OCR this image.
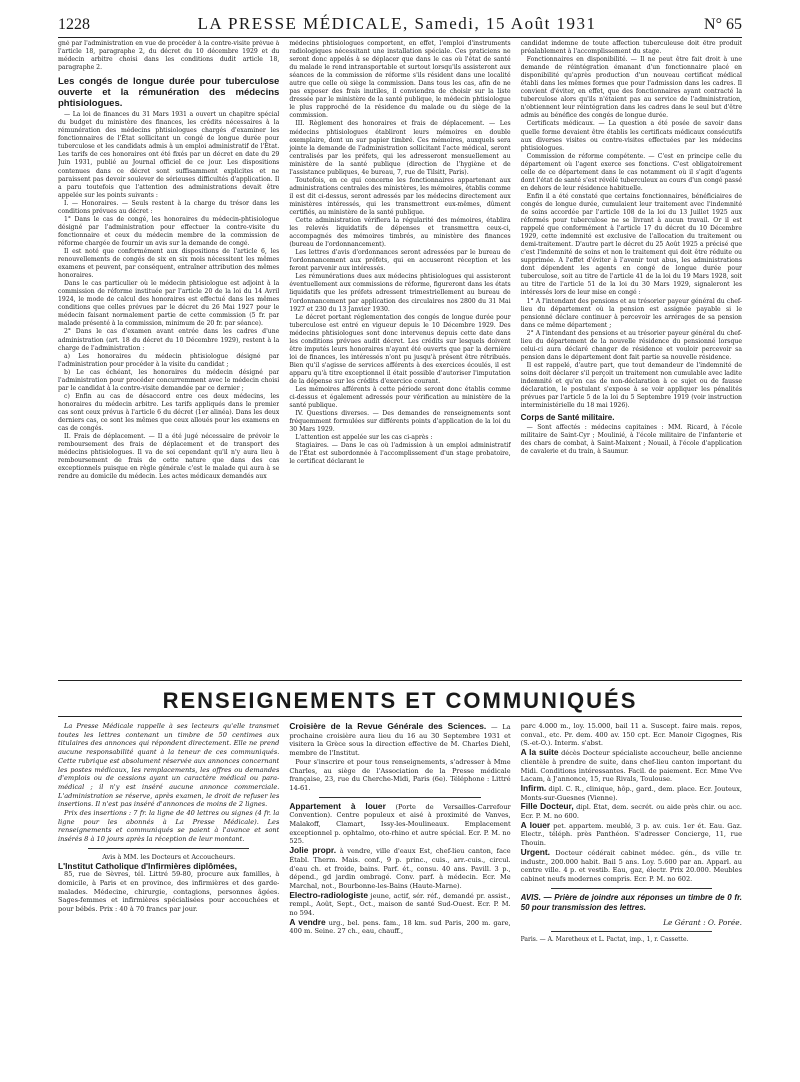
1228	LA PRESSE MÉDICALE, Samedi, 15 Août 1931	N° 65

gné par l'administration en vue de procéder à la contre-visite prévue à l'article 18, paragraphe 2, du décret du 10 décembre 1929 et du médecin arbitre choisi dans les conditions dudit article 18, paragraphe 2.

Les congés de longue durée pour tuberculose ouverte et la rémunération des médecins phtisiologues.

— La loi de finances du 31 Mars 1931 a ouvert un chapitre spécial du budget du ministère des finances, les crédits nécessaires à la rémunération des médecins phtisiologues chargés d'examiner les fonctionnaires de l'État sollicitant un congé de longue durée pour tuberculose et les candidats admis à un emploi administratif de l'État. Les tarifs de ces honoraires ont été fixés par un décret en date du 29 Juin 1931, publié au Journal officiel de ce jour. Les dispositions contenues dans ce décret sont suffisamment explicites et ne paraissent pas devoir soulever de sérieuses difficultés d'application. Il a paru toutefois que l'attention des administrations devait être appelée sur les points suivants :

I. — Honoraires. — Seuls restent à la charge du trésor dans les conditions prévues au décret :

1° Dans le cas de congé, les honoraires du médecin-phtisiologue désigné par l'administration pour effectuer la contre-visite du fonctionnaire et ceux du médecin membre de la commission de réforme chargée de fournir un avis sur la demande de congé.

Il est noté que conformément aux dispositions de l'article 6, les renouvellements de congés de six en six mois nécessitent les mêmes examens et peuvent, par conséquent, entraîner attribution des mêmes honoraires.

Dans le cas particulier où le médecin phtisiologue est adjoint à la commission de réforme instituée par l'article 20 de la loi du 14 Avril 1924, le mode de calcul des honoraires est effectué dans les mêmes conditions que celles prévues par le décret du 26 Mai 1927 pour le médecin faisant normalement partie de cette commission (5 fr. par malade présenté à la commission, minimum de 20 fr. par séance).

2° Dans le cas d'examen avant entrée dans les cadres d'une administration (art. 18 du décret du 10 Décembre 1929), restent à la charge de l'administration :

a) Les honoraires du médecin phtisiologue désigné par l'administration pour procéder à la visite du candidat ;

b) Le cas échéant, les honoraires du médecin désigné par l'administration pour procéder concurremment avec le médecin choisi par le candidat à la contre-visite demandée par ce dernier ;

c) Enfin au cas de désaccord entre ces deux médecins, les honoraires du médecin arbitre. Les tarifs appliqués dans le premier cas sont ceux prévus à l'article 6 du décret (1er alinéa). Dans les deux derniers cas, ce sont les mêmes que ceux alloués pour les examens en cas de congés.

II. Frais de déplacement. — Il a été jugé nécessaire de prévoir le remboursement des frais de déplacement et de transport des médecins phtisiologues. Il va de soi cependant qu'il n'y aura lieu à remboursement de frais de cette nature que dans des cas exceptionnels puisque en règle générale c'est le malade qui aura à se rendre au domicile du médecin. Les actes médicaux demandés aux

médecins phtisiologues comportent, en effet, l'emploi d'instruments radiologiques nécessitant une installation spéciale. Ces praticiens ne seront donc appelés à se déplacer que dans le cas où l'état de santé du malade le rend intransportable et surtout lorsqu'ils assisteront aux séances de la commission de réforme s'ils résident dans une localité autre que celle où siège la commission. Dans tous les cas, afin de ne pas exposer des frais inutiles, il conviendra de choisir sur la liste dressée par le ministère de la santé publique, le médecin phtisiologue le plus rapproché de la résidence du malade ou du siège de la commission.

III. Règlement des honoraires et frais de déplacement. — Les médecins phtisiologues établiront leurs mémoires en double exemplaire, dont un sur papier timbré. Ces mémoires, auxquels sera jointe la demande de l'administration sollicitant l'acte médical, seront centralisés par les préfets, qui les adresseront mensuellement au ministère de la santé publique (direction de l'hygiène et de l'assistance publiques, 4e bureau, 7, rue de Tilsitt, Paris).

Toutefois, en ce qui concerne les fonctionnaires appartenant aux administrations centrales des ministères, les mémoires, établis comme il est dit ci-dessus, seront adressés par les médecins directement aux ministères intéressés, qui les transmettront eux-mêmes, dûment certifiés, au ministère de la santé publique.

Cette administration vérifiera la régularité des mémoires, établira les relevés liquidatifs de dépenses et transmettra ceux-ci, accompagnés des mémoires timbrés, au ministère des finances (bureau de l'ordonnancement).

Les lettres d'avis d'ordonnances seront adressées par le bureau de l'ordonnancement aux préfets, qui en accuseront réception et les feront parvenir aux intéressés.

Les rémunérations dues aux médecins phtisiologues qui assisteront éventuellement aux commissions de réforme, figureront dans les états liquidatifs que les préfets adressent trimestriellement au bureau de l'ordonnancement par application des circulaires nos 2800 du 31 Mai 1927 et 230 du 13 Janvier 1930.

Le décret portant réglementation des congés de longue durée pour tuberculose est entré en vigueur depuis le 10 Décembre 1929. Des médecins phtisiologues sont donc intervenus depuis cette date dans les conditions prévues audit décret. Les crédits sur lesquels doivent être imputés leurs honoraires n'ayant été ouverts que par la dernière loi de finances, les intéressés n'ont pu jusqu'à présent être rétribués. Bien qu'il s'agisse de services afférents à des exercices écoulés, il est apparu qu'à titre exceptionnel il était possible d'autoriser l'imputation de la dépense sur les crédits d'exercice courant.

Les mémoires afférents à cette période seront donc établis comme ci-dessus et également adressés pour vérification au ministère de la santé publique.

IV. Questions diverses. — Des demandes de renseignements sont fréquemment formulées sur différents points d'application de la loi du 30 Mars 1929.

L'attention est appelée sur les cas ci-après :

Stagiaires. — Dans le cas où l'admission à un emploi administratif de l'État est subordonnée à l'accomplissement d'un stage probatoire, le certificat déclarant le

candidat indemne de toute affection tuberculeuse doit être produit préalablement à l'accomplissement du stage.

Fonctionnaires en disponibilité. — Il ne peut être fait droit à une demande de réintégration émanant d'un fonctionnaire placé en disponibilité qu'après production d'un nouveau certificat médical établi dans les mêmes formes que pour l'admission dans les cadres. Il convient d'éviter, en effet, que des fonctionnaires ayant contracté la tuberculose alors qu'ils n'étaient pas au service de l'administration, n'obtiennent leur réintégration dans les cadres dans le seul but d'être admis au bénéfice des congés de longue durée.

Certificats médicaux. — La question a été posée de savoir dans quelle forme devaient être établis les certificats médicaux consécutifs aux diverses visites ou contre-visites effectuées par les médecins phtisiologues.

Commission de réforme compétente. — C'est en principe celle du département où l'agent exerce ses fonctions. C'est obligatoirement celle de ce département dans le cas notamment où il s'agit d'agents dont l'état de santé s'est révélé tuberculeux au cours d'un congé passé en dehors de leur résidence habituelle.

Enfin il a été constaté que certains fonctionnaires, bénéficiaires de congés de longue durée, cumulaient leur traitement avec l'indemnité de soins accordée par l'article 108 de la loi du 13 Juillet 1925 aux réformés pour tuberculose ne se livrant à aucun travail. Or il est rappelé que conformément à l'article 17 du décret du 10 Décembre 1929, cette indemnité est exclusive de l'allocation du traitement ou demi-traitement. D'autre part le décret du 25 Août 1925 a précisé que c'est l'indemnité de soins et non le traitement qui doit être réduite ou supprimée. A l'effet d'éviter à l'avenir tout abus, les administrations dont dépendent les agents en congé de longue durée pour tuberculose, soit au titre de l'article 41 de la loi du 19 Mars 1928, soit au titre de l'article 51 de la loi du 30 Mars 1929, signaleront les intéressés lors de leur mise en congé :

1° A l'intendant des pensions et au trésorier payeur général du chef-lieu du département où la pension est assignée payable si le pensionné déclare continuer à percevoir les arrérages de sa pension dans ce même département ;

2° A l'intendant des pensions et au trésorier payeur général du chef-lieu du département de la nouvelle résidence du pensionné lorsque celui-ci aura déclaré changer de résidence et vouloir percevoir sa pension dans le département dont fait partie sa nouvelle résidence.

Il est rappelé, d'autre part, que tout demandeur de l'indemnité de soins doit déclarer s'il perçoit un traitement non cumulable avec ladite indemnité et qu'en cas de non-déclaration à ce sujet ou de fausse déclaration, le postulant s'expose à se voir appliquer les pénalités prévues par l'article 5 de la loi du 5 Septembre 1919 (voir instruction interministérielle du 18 mai 1926).

Corps de Santé militaire.

— Sont affectés : médecins capitaines : MM. Ricard, à l'école militaire de Saint-Cyr ; Moulinié, à l'école militaire de l'infanterie et des chars de combat, à Saint-Maixent ; Nouail, à l'école d'application de cavalerie et du train, à Saumur.

RENSEIGNEMENTS ET COMMUNIQUÉS

La Presse Médicale rappelle à ses lecteurs qu'elle transmet toutes les lettres contenant un timbre de 50 centimes aux titulaires des annonces qui répondent directement. Elle ne prend aucune responsabilité quant à la teneur de ces communiqués. Cette rubrique est absolument réservée aux annonces concernant les postes médicaux, les remplacements, les offres ou demandes d'emplois ou de cessions ayant un caractère médical ou para-médical ; il n'y est inséré aucune annonce commerciale. L'administration se réserve, après examen, le droit de refuser les insertions. Il n'est pas inséré d'annonces de moins de 2 lignes.

Prix des insertions : 7 fr. la ligne de 40 lettres ou signes (4 fr. la ligne pour les abonnés à La Presse Médicale). Les renseignements et communiqués se paient à l'avance et sont insérés 8 à 10 jours après la réception de leur montant.

Avis à MM. les Docteurs et Accoucheurs.

L'Institut Catholique d'Infirmières diplômées,

85, rue de Sèvres, tél. Littré 59-80, procure aux familles, à domicile, à Paris et en province, des infirmières et des garde-malades. Médecine, chirurgie, contagions, personnes âgées. Sages-femmes et infirmières spécialisées pour accouchées et pour bébés. Prix : 40 à 70 francs par jour.

Croisière de la Revue Générale des Sciences. — La prochaine croisière aura lieu du 16 au 30 Septembre 1931 et visitera la Grèce sous la direction effective de M. Charles Diehl, membre de l'Institut.

Pour s'inscrire et pour tous renseignements, s'adresser à Mme Charles, au siège de l'Association de la Presse médicale française, 23, rue du Cherche-Midi, Paris (6e). Téléphone : Littré 14-61.

Appartement à louer (Porte de Versailles-Carrefour Convention). Centre populeux et aisé à proximité de Vanves, Malakoff, Clamart, Issy-les-Moulineaux. Emplacement exceptionnel p. ophtalmo, oto-rhino et autre spécial. Ecr. P. M. no 525.

Jolie propr. à vendre, ville d'eaux Est, chef-lieu canton, face Établ. Therm. Mais. conf., 9 p. princ., cuis., arr.-cuis., circul. d'eau ch. et froide, bains. Parf. ét., consu. 40 ans. Pavill. 3 p., dépend., gd jardin ombragé. Conv. parf. à médecin. Ecr. Me Marchal, not., Bourbonne-les-Bains (Haute-Marne).

Electro-radiologiste jeune, actif, sér. réf., demandé pr. assist., rempl., Août, Sept., Oct., maison de santé Sud-Ouest. Ecr. P. M. no 594.

A vendre urg., bel. pens. fam., 18 km. sud Paris, 200 m. gare, 400 m. Seine. 27 ch., eau, chauff.,

parc 4.000 m., loy. 15.000, bail 11 a. Suscept. faire mais. repos, conval., etc. Pr. dem. 400 av. 150 cpt. Ecr. Manoir Cigognes, Ris (S.-et-O.). Interm. s'abst.

A la suite décès Docteur spécialiste accoucheur, belle ancienne clientèle à prendre de suite, dans chef-lieu canton important du Midi. Conditions intéressantes. Facil. de paiement. Ecr. Mme Vve Lacam, à J'annonce, 15, rue Rivals, Toulouse.

Infirm. dipl. C. R., clinique, hôp., gard., dem. place. Ecr. Jouteux, Monts-sur-Guesnes (Vienne).

Fille Docteur, dipl. État, dem. secrét. ou aide près chir. ou acc. Ecr. P. M. no 600.

A louer pet. appartem. meublé, 3 p. av. cuis. 1er ét. Eau. Gaz. Electr., téléph. près Panthéon. S'adresser Concierge, 11, rue Thouin.

Urgent. Docteur cédérait cabinet médec. gén., ds ville tr. industr., 200.000 habit. Bail 5 ans. Loy. 5.600 par an. Apparl. au centre ville. 4 p. et vestib. Eau, gaz, électr. Prix 20.000. Meubles cabinet neufs modernes compris. Ecr. P. M. no 602.

AVIS. — Prière de joindre aux réponses un timbre de 0 fr. 50 pour transmission des lettres.

Le Gérant : O. Porée.

Paris. — A. Maretheux et L. Pactat, imp., 1, r. Cassette.
